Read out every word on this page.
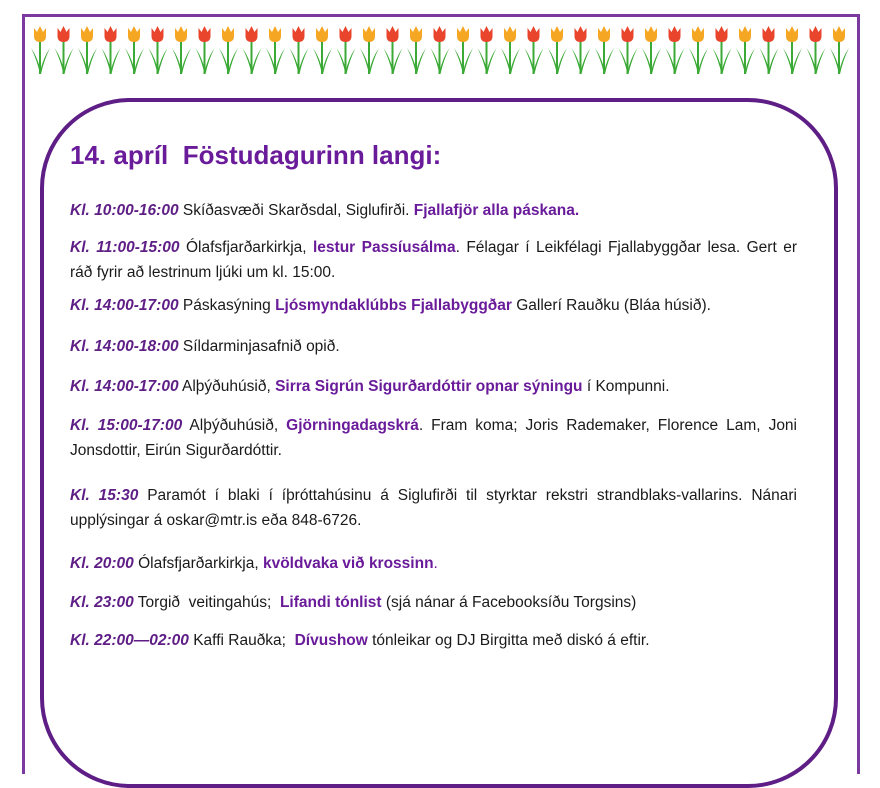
14. apríl  Föstudagurinn langi:

Kl. 10:00-16:00 Skíðasvæði Skarðsdal, Siglufirði. Fjallafjör alla páskana.

Kl. 11:00-15:00 Ólafsfjarðarkirkja, lestur Passíusálma. Félagar í Leikfélagi Fjallabyggðar lesa. Gert er ráð fyrir að lestrinum ljúki um kl. 15:00.

Kl. 14:00-17:00 Páskasýning Ljósmyndaklúbbs Fjallabyggðar Gallerí Rauðku (Bláa húsið).

Kl. 14:00-18:00 Síldarminjasafnið opið.

Kl. 14:00-17:00 Alþýðuhúsið, Sirra Sigrún Sigurðardóttir opnar sýningu í Kompunni.

Kl. 15:00-17:00 Alþýðuhúsið, Gjörningadagskrá. Fram koma; Joris Rademaker, Florence Lam, Joni Jonsdottir, Eirún Sigurðardóttir.

Kl. 15:30 Paramót í blaki í íþróttahúsinu á Siglufirði til styrktar rekstri strandblaks-vallarins. Nánari upplýsingar á oskar@mtr.is eða 848-6726.

Kl. 20:00 Ólafsfjarðarkirkja, kvöldvaka við krossinn.

Kl. 23:00 Torgið  veitingahús;  Lifandi tónlist (sjá nánar á Facebooksíðu Torgsins)

Kl. 22:00—02:00 Kaffi Rauðka;  Dívushow tónleikar og DJ Birgitta með diskó á eftir.
